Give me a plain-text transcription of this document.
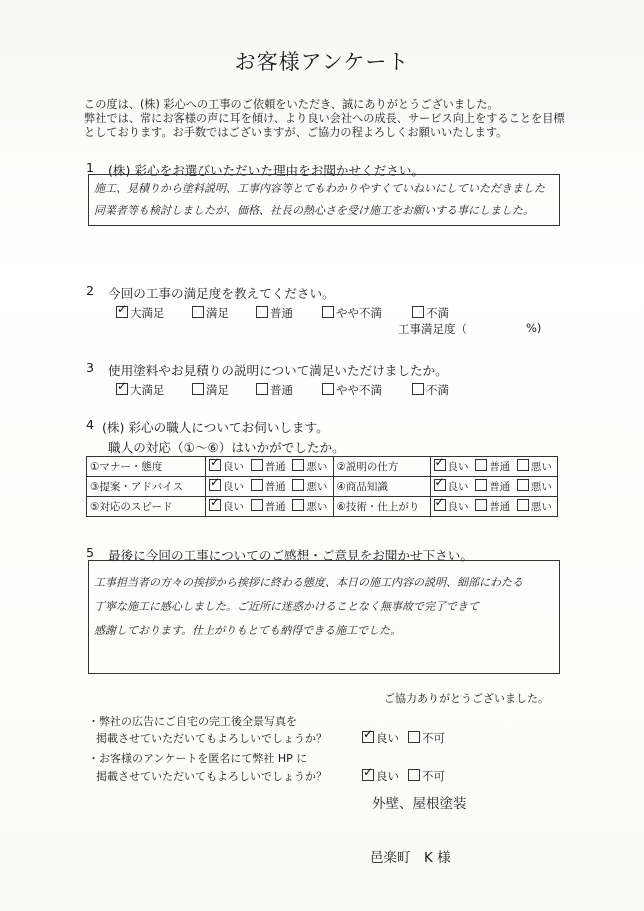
お客様アンケート
この度は、(株) 彩心への工事のご依頼をいただき、誠にありがとうございました。
弊社では、常にお客様の声に耳を傾け、より良い会社への成長、サービス向上をすることを目標
としております。お手数ではございますが、ご協力の程よろしくお願いいたします。
1 (株) 彩心をお選びいただいた理由をお聞かせください。
施工、見積りから塗料説明、工事内容等とてもわかりやすくていねいにしていただきました
同業者等も検討しましたが、価格、社長の熱心さを受け施工をお願いする事にしました。
2 今回の工事の満足度を教えてください。
✓大満足	満足	普通	やや不満	不満
工事満足度（	%)
3 使用塗料やお見積りの説明について満足いただけましたか。
✓大満足	満足	普通	やや不満	不満
4 (株) 彩心の職人についてお伺いします。
職人の対応（①～⑥）はいかがでしたか。
①マナー・態度	✓良い 普通 悪い	②説明の仕方	✓良い 普通 悪い
③提案・アドバイス	✓良い 普通 悪い	④商品知識	✓良い 普通 悪い
⑤対応のスピード	✓良い 普通 悪い	⑥技術・仕上がり	✓良い 普通 悪い
5 最後に今回の工事についてのご感想・ご意見をお聞かせ下さい。
工事担当者の方々の挨拶から挨拶に終わる態度、本日の施工内容の説明、細部にわたる
丁寧な施工に感心しました。ご近所に迷惑かけることなく無事故で完了できて
感謝しております。仕上がりもとても納得できる施工でした。
ご協力ありがとうございました。
・弊社の広告にご自宅の完工後全景写真を
掲載させていただいてもよろしいでしょうか？ ✓	良い	不可
・お客様のアンケートを匿名にて弊社 HP に
掲載させていただいてもよろしいでしょうか？ ✓	良い	不可
外壁、屋根塗装
邑楽町　K 様
